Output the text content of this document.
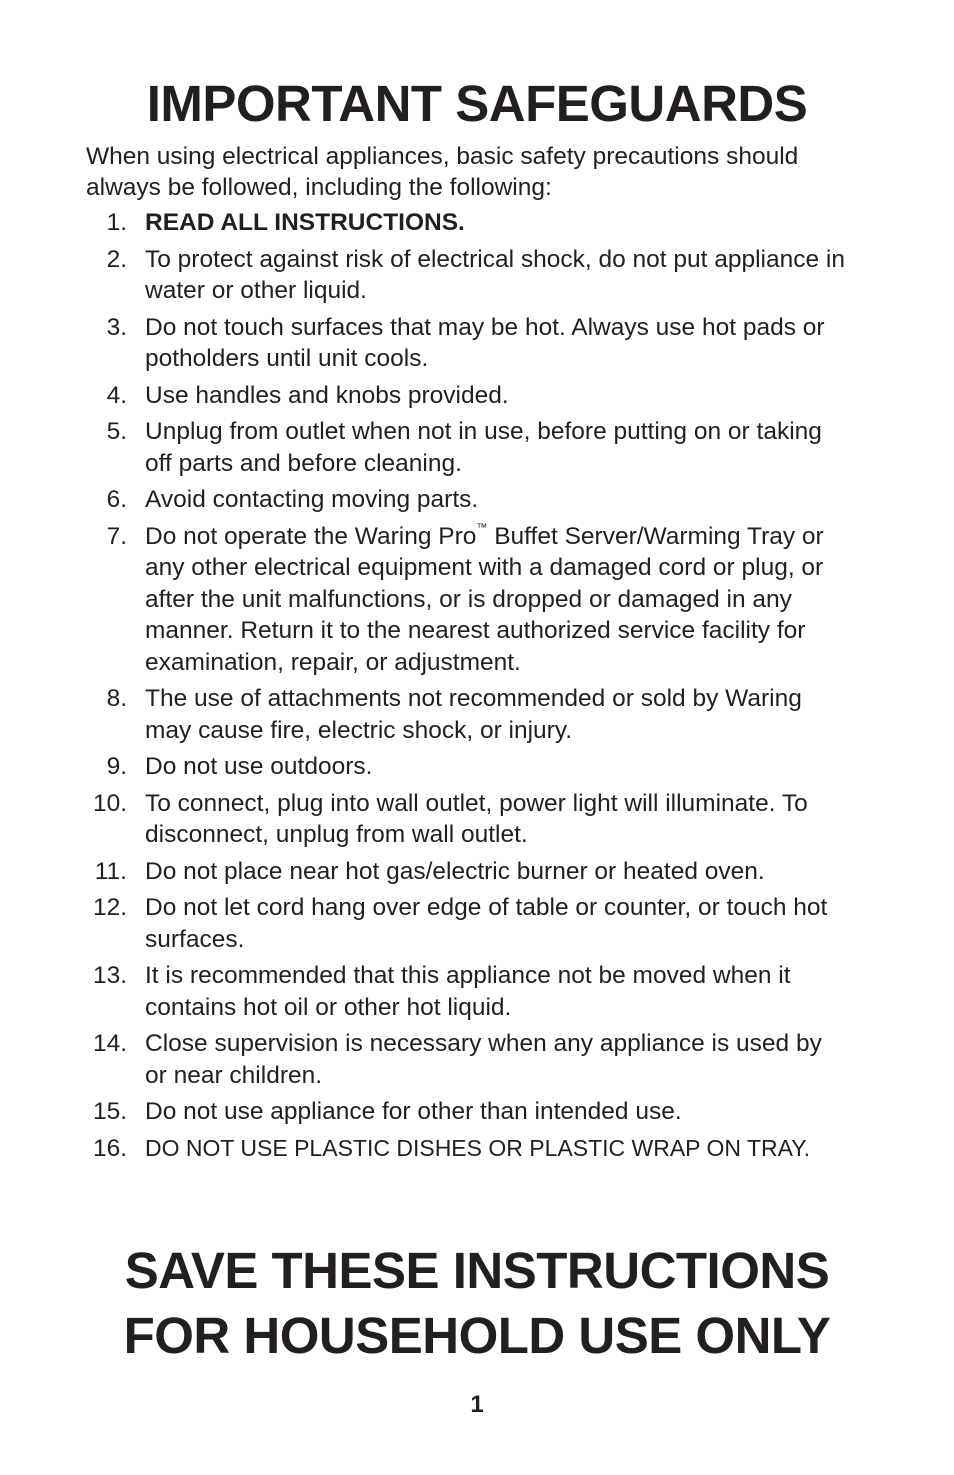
IMPORTANT SAFEGUARDS

When using electrical appliances, basic safety precautions should always be followed, including the following:

1. READ ALL INSTRUCTIONS.
2. To protect against risk of electrical shock, do not put appliance in water or other liquid.
3. Do not touch surfaces that may be hot. Always use hot pads or potholders until unit cools.
4. Use handles and knobs provided.
5. Unplug from outlet when not in use, before putting on or taking off parts and before cleaning.
6. Avoid contacting moving parts.
7. Do not operate the Waring Pro™ Buffet Server/Warming Tray or any other electrical equipment with a damaged cord or plug, or after the unit malfunctions, or is dropped or damaged in any manner. Return it to the nearest authorized service facility for examination, repair, or adjustment.
8. The use of attachments not recommended or sold by Waring may cause fire, electric shock, or injury.
9. Do not use outdoors.
10. To connect, plug into wall outlet, power light will illuminate. To disconnect, unplug from wall outlet.
11. Do not place near hot gas/electric burner or heated oven.
12. Do not let cord hang over edge of table or counter, or touch hot surfaces.
13. It is recommended that this appliance not be moved when it contains hot oil or other hot liquid.
14. Close supervision is necessary when any appliance is used by or near children.
15. Do not use appliance for other than intended use.
16. DO NOT USE PLASTIC DISHES OR PLASTIC WRAP ON TRAY.
SAVE THESE INSTRUCTIONS
FOR HOUSEHOLD USE ONLY
1
